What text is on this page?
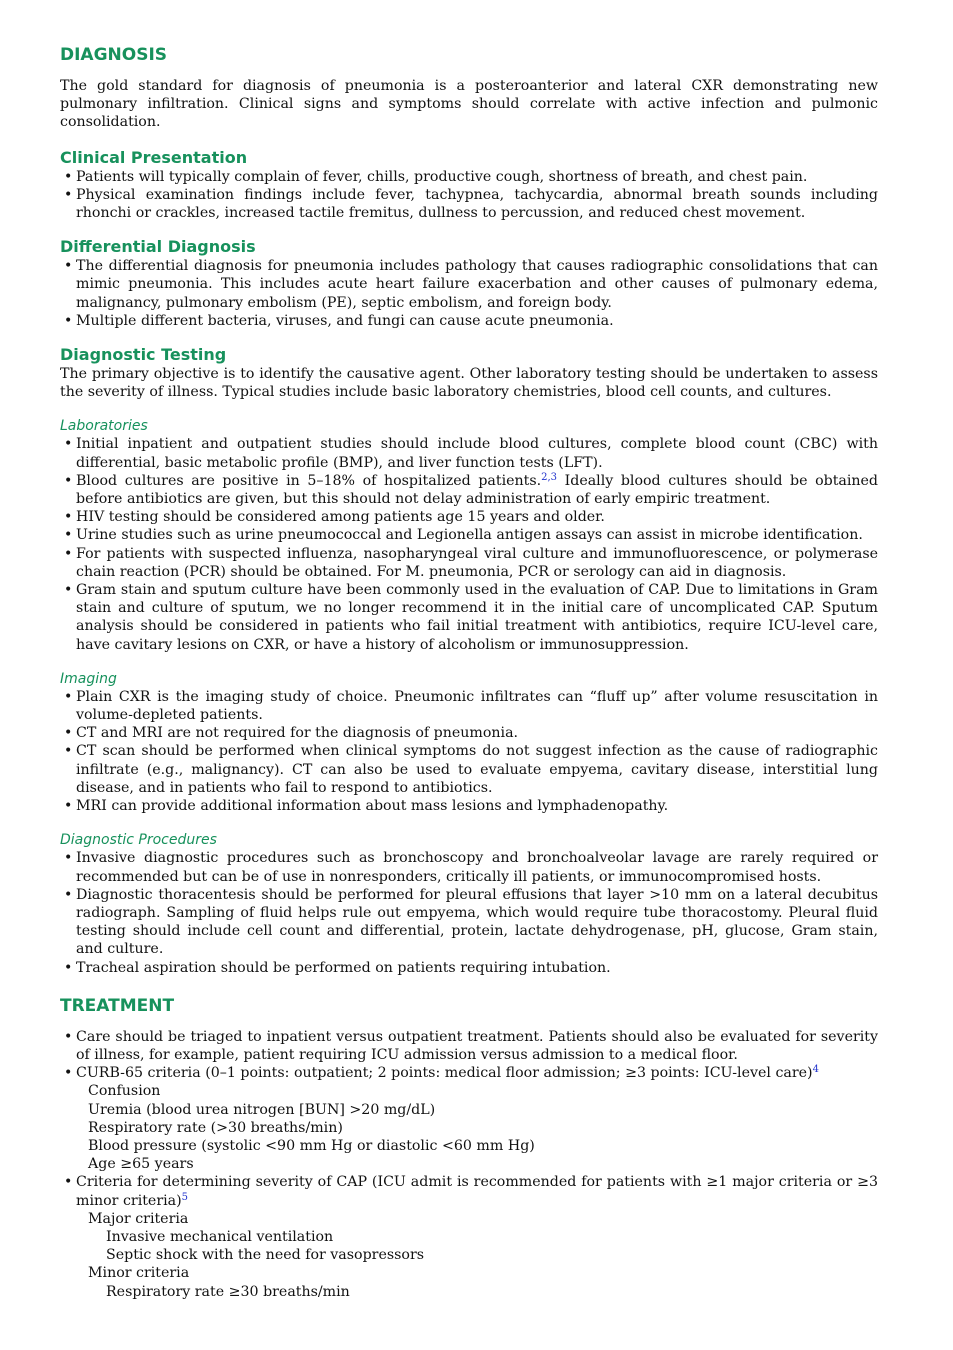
DIAGNOSIS

The gold standard for diagnosis of pneumonia is a posteroanterior and lateral CXR demonstrating new pulmonary infiltration. Clinical signs and symptoms should correlate with active infection and pulmonic consolidation.

Clinical Presentation
• Patients will typically complain of fever, chills, productive cough, shortness of breath, and chest pain.
• Physical examination findings include fever, tachypnea, tachycardia, abnormal breath sounds including rhonchi or crackles, increased tactile fremitus, dullness to percussion, and reduced chest movement.
Differential Diagnosis
• The differential diagnosis for pneumonia includes pathology that causes radiographic consolidations that can mimic pneumonia. This includes acute heart failure exacerbation and other causes of pulmonary edema, malignancy, pulmonary embolism (PE), septic embolism, and foreign body.
• Multiple different bacteria, viruses, and fungi can cause acute pneumonia.
Diagnostic Testing

The primary objective is to identify the causative agent. Other laboratory testing should be undertaken to assess the severity of illness. Typical studies include basic laboratory chemistries, blood cell counts, and cultures.

Laboratories
• Initial inpatient and outpatient studies should include blood cultures, complete blood count (CBC) with differential, basic metabolic profile (BMP), and liver function tests (LFT).
• Blood cultures are positive in 5–18% of hospitalized patients.$^{2,3}$ Ideally blood cultures should be obtained before antibiotics are given, but this should not delay administration of early empiric treatment.
• HIV testing should be considered among patients age 15 years and older.
• Urine studies such as urine pneumococcal and Legionella antigen assays can assist in microbe identification.
• For patients with suspected influenza, nasopharyngeal viral culture and immunofluorescence, or polymerase chain reaction (PCR) should be obtained. For M. pneumonia, PCR or serology can aid in diagnosis.
• Gram stain and sputum culture have been commonly used in the evaluation of CAP. Due to limitations in Gram stain and culture of sputum, we no longer recommend it in the initial care of uncomplicated CAP. Sputum analysis should be considered in patients who fail initial treatment with antibiotics, require ICU-level care, have cavitary lesions on CXR, or have a history of alcoholism or immunosuppression.
Imaging
• Plain CXR is the imaging study of choice. Pneumonic infiltrates can “fluff up” after volume resuscitation in volume-depleted patients.
• CT and MRI are not required for the diagnosis of pneumonia.
• CT scan should be performed when clinical symptoms do not suggest infection as the cause of radiographic infiltrate (e.g., malignancy). CT can also be used to evaluate empyema, cavitary disease, interstitial lung disease, and in patients who fail to respond to antibiotics.
• MRI can provide additional information about mass lesions and lymphadenopathy.
Diagnostic Procedures
• Invasive diagnostic procedures such as bronchoscopy and bronchoalveolar lavage are rarely required or recommended but can be of use in nonresponders, critically ill patients, or immunocompromised hosts.
• Diagnostic thoracentesis should be performed for pleural effusions that layer >10 mm on a lateral decubitus radiograph. Sampling of fluid helps rule out empyema, which would require tube thoracostomy. Pleural fluid testing should include cell count and differential, protein, lactate dehydrogenase, pH, glucose, Gram stain, and culture.
• Tracheal aspiration should be performed on patients requiring intubation.
TREATMENT
• Care should be triaged to inpatient versus outpatient treatment. Patients should also be evaluated for severity of illness, for example, patient requiring ICU admission versus admission to a medical floor.
• CURB-65 criteria (0–1 points: outpatient; 2 points: medical floor admission; ≥3 points: ICU-level care)$^4$
Confusion
Uremia (blood urea nitrogen [BUN] >20 mg/dL)
Respiratory rate (>30 breaths/min)
Blood pressure (systolic <90 mm Hg or diastolic <60 mm Hg)
Age ≥65 years
• Criteria for determining severity of CAP (ICU admit is recommended for patients with ≥1 major criteria or ≥3 minor criteria)$^5$
Major criteria
Invasive mechanical ventilation
Septic shock with the need for vasopressors
Minor criteria
Respiratory rate ≥30 breaths/min
